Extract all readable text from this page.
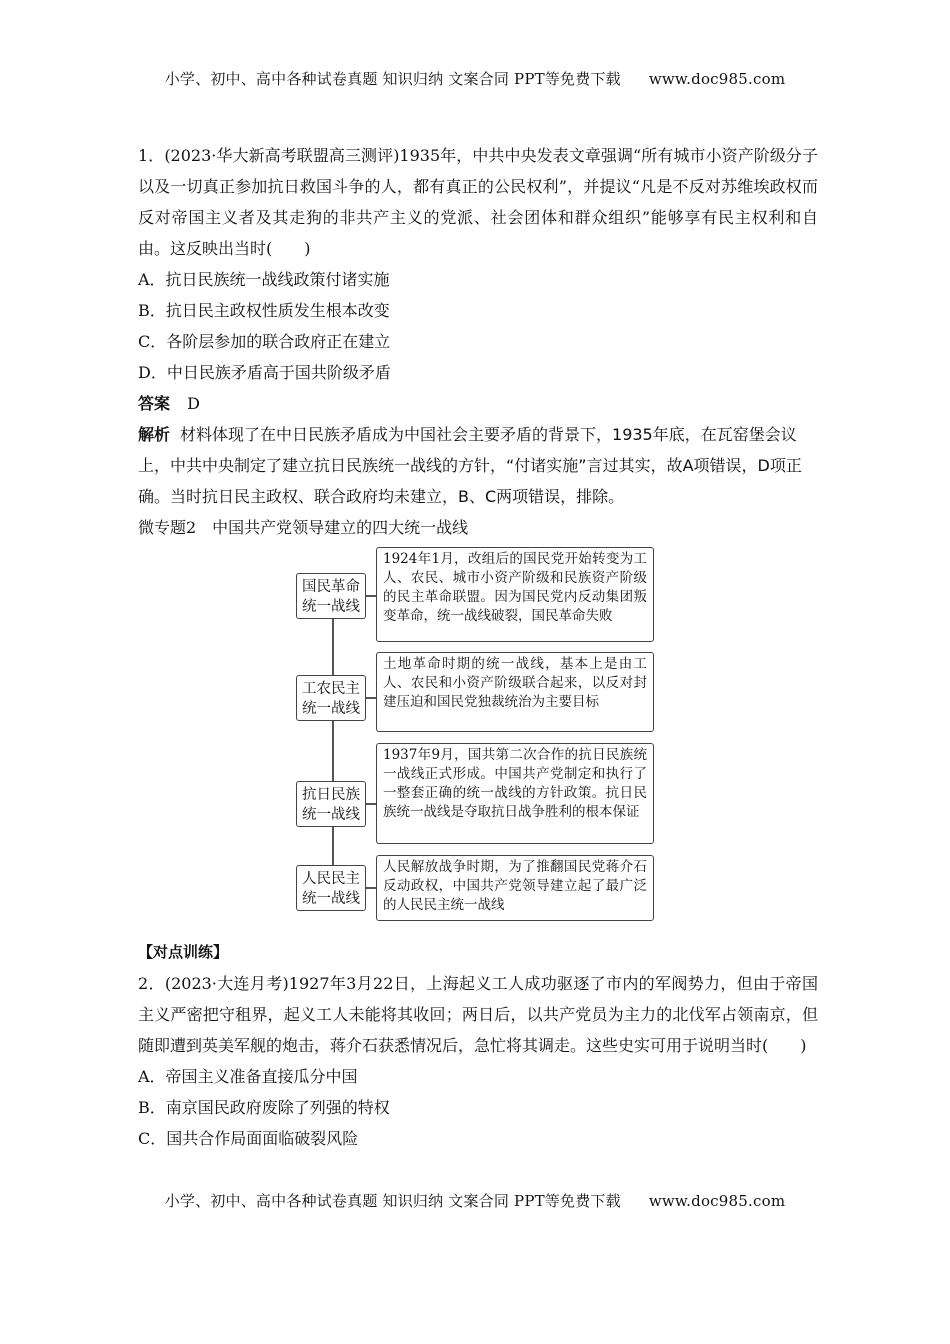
小学、初中、高中各种试卷真题 知识归纳 文案合同 PPT等免费下载 www.doc985.com

1．(2023·华大新高考联盟高三测评)1935年，中共中央发表文章强调“所有城市小资产阶级分子以及一切真正参加抗日救国斗争的人，都有真正的公民权利”，并提议“凡是不反对苏维埃政权而反对帝国主义者及其走狗的非共产主义的党派、社会团体和群众组织”能够享有民主权利和自由。这反映出当时(　　)

A．抗日民族统一战线政策付诸实施

B．抗日民主政权性质发生根本改变

C．各阶层参加的联合政府正在建立

D．中日民族矛盾高于国共阶级矛盾

答案 D

解析 材料体现了在中日民族矛盾成为中国社会主要矛盾的背景下，1935年底，在瓦窑堡会议上，中共中央制定了建立抗日民族统一战线的方针，“付诸实施”言过其实，故A项错误，D项正确。当时抗日民主政权、联合政府均未建立，B、C两项错误，排除。

微专题2　中国共产党领导建立的四大统一战线

国民革命统一战线
1924年1月，改组后的国民党开始转变为工人、农民、城市小资产阶级和民族资产阶级的民主革命联盟。因为国民党内反动集团叛变革命，统一战线破裂，国民革命失败
工农民主统一战线
土地革命时期的统一战线，基本上是由工人、农民和小资产阶级联合起来，以反对封建压迫和国民党独裁统治为主要目标
抗日民族统一战线
1937年9月，国共第二次合作的抗日民族统一战线正式形成。中国共产党制定和执行了一整套正确的统一战线的方针政策。抗日民族统一战线是夺取抗日战争胜利的根本保证
人民民主统一战线
人民解放战争时期，为了推翻国民党蒋介石反动政权，中国共产党领导建立起了最广泛的人民民主统一战线

【对点训练】

2．(2023·大连月考)1927年3月22日，上海起义工人成功驱逐了市内的军阀势力，但由于帝国主义严密把守租界，起义工人未能将其收回；两日后，以共产党员为主力的北伐军占领南京，但随即遭到英美军舰的炮击，蒋介石获悉情况后，急忙将其调走。这些史实可用于说明当时(　　)

A．帝国主义准备直接瓜分中国

B．南京国民政府废除了列强的特权

C．国共合作局面面临破裂风险

小学、初中、高中各种试卷真题 知识归纳 文案合同 PPT等免费下载 www.doc985.com
